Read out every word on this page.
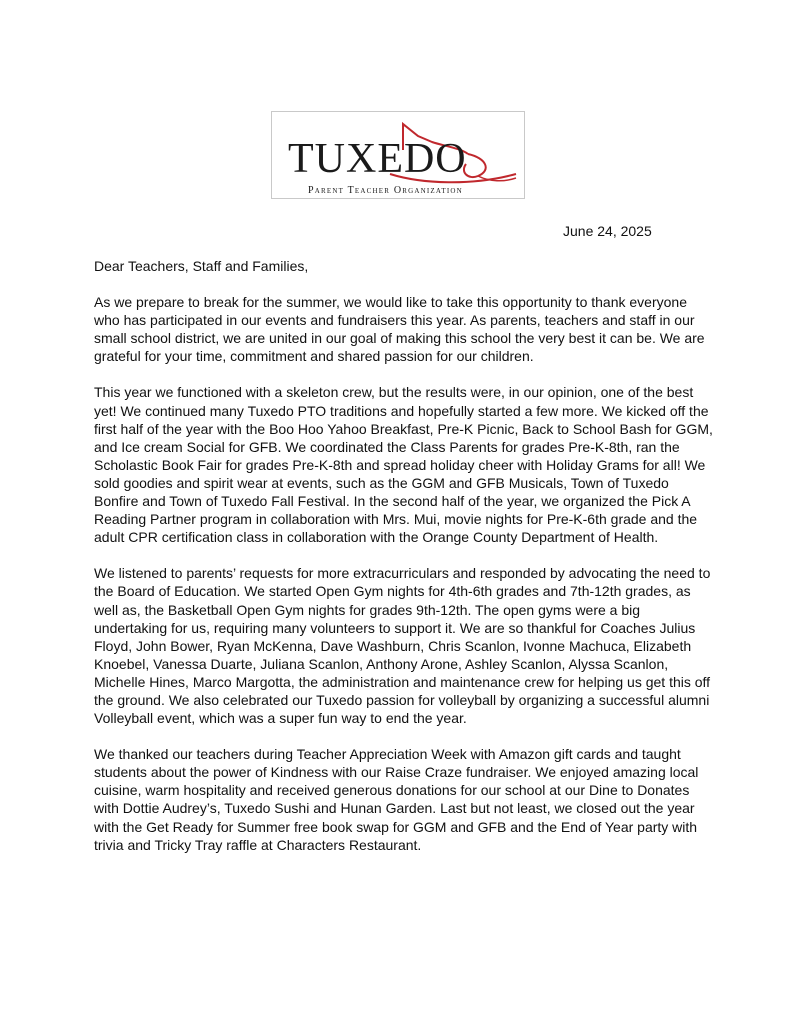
TUXEDO
Parent Teacher Organization
June 24, 2025

Dear Teachers, Staff and Families,

As we prepare to break for the summer, we would like to take this opportunity to thank everyone who has participated in our events and fundraisers this year. As parents, teachers and staff in our small school district, we are united in our goal of making this school the very best it can be. We are grateful for your time, commitment and shared passion for our children.

This year we functioned with a skeleton crew, but the results were, in our opinion, one of the best yet! We continued many Tuxedo PTO traditions and hopefully started a few more. We kicked off the first half of the year with the Boo Hoo Yahoo Breakfast, Pre-K Picnic, Back to School Bash for GGM, and Ice cream Social for GFB. We coordinated the Class Parents for grades Pre-K-8th, ran the Scholastic Book Fair for grades Pre-K-8th and spread holiday cheer with Holiday Grams for all! We sold goodies and spirit wear at events, such as the GGM and GFB Musicals, Town of Tuxedo Bonfire and Town of Tuxedo Fall Festival. In the second half of the year, we organized the Pick A Reading Partner program in collaboration with Mrs. Mui, movie nights for Pre-K-6th grade and the adult CPR certification class in collaboration with the Orange County Department of Health.

We listened to parents’ requests for more extracurriculars and responded by advocating the need to the Board of Education. We started Open Gym nights for 4th-6th grades and 7th-12th grades, as well as, the Basketball Open Gym nights for grades 9th-12th. The open gyms were a big undertaking for us, requiring many volunteers to support it. We are so thankful for Coaches Julius Floyd, John Bower, Ryan McKenna, Dave Washburn, Chris Scanlon, Ivonne Machuca, Elizabeth Knoebel, Vanessa Duarte, Juliana Scanlon, Anthony Arone, Ashley Scanlon, Alyssa Scanlon, Michelle Hines, Marco Margotta, the administration and maintenance crew for helping us get this off the ground. We also celebrated our Tuxedo passion for volleyball by organizing a successful alumni Volleyball event, which was a super fun way to end the year.

We thanked our teachers during Teacher Appreciation Week with Amazon gift cards and taught students about the power of Kindness with our Raise Craze fundraiser. We enjoyed amazing local cuisine, warm hospitality and received generous donations for our school at our Dine to Donates with Dottie Audrey’s, Tuxedo Sushi and Hunan Garden. Last but not least, we closed out the year with the Get Ready for Summer free book swap for GGM and GFB and the End of Year party with trivia and Tricky Tray raffle at Characters Restaurant.
